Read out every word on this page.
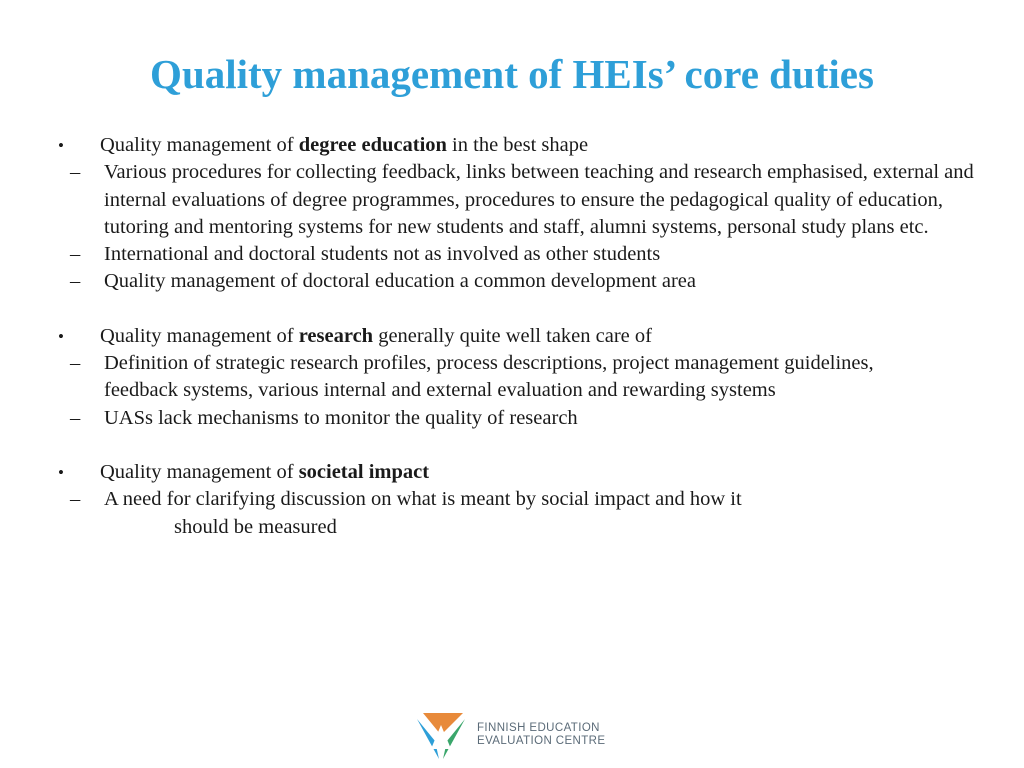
Quality management of HEIs’ core duties
•	Quality management of degree education in the best shape
– Various procedures for collecting feedback, links between teaching and research emphasised, external and internal evaluations of degree programmes, procedures to ensure the pedagogical quality of education, tutoring and mentoring systems for new students and staff, alumni systems, personal study plans etc.
– International and doctoral students not as involved as other students
– Quality management of doctoral education a common development area
•	Quality management of research generally quite well taken care of
– Definition of strategic research profiles, process descriptions, project management guidelines, feedback systems, various internal and external evaluation and rewarding systems
– UASs lack mechanisms to monitor the quality of research
•	Quality management of societal impact
– A need for clarifying discussion on what is meant by social impact and how it
should be measured
FINNISH EDUCATION
EVALUATION CENTRE
